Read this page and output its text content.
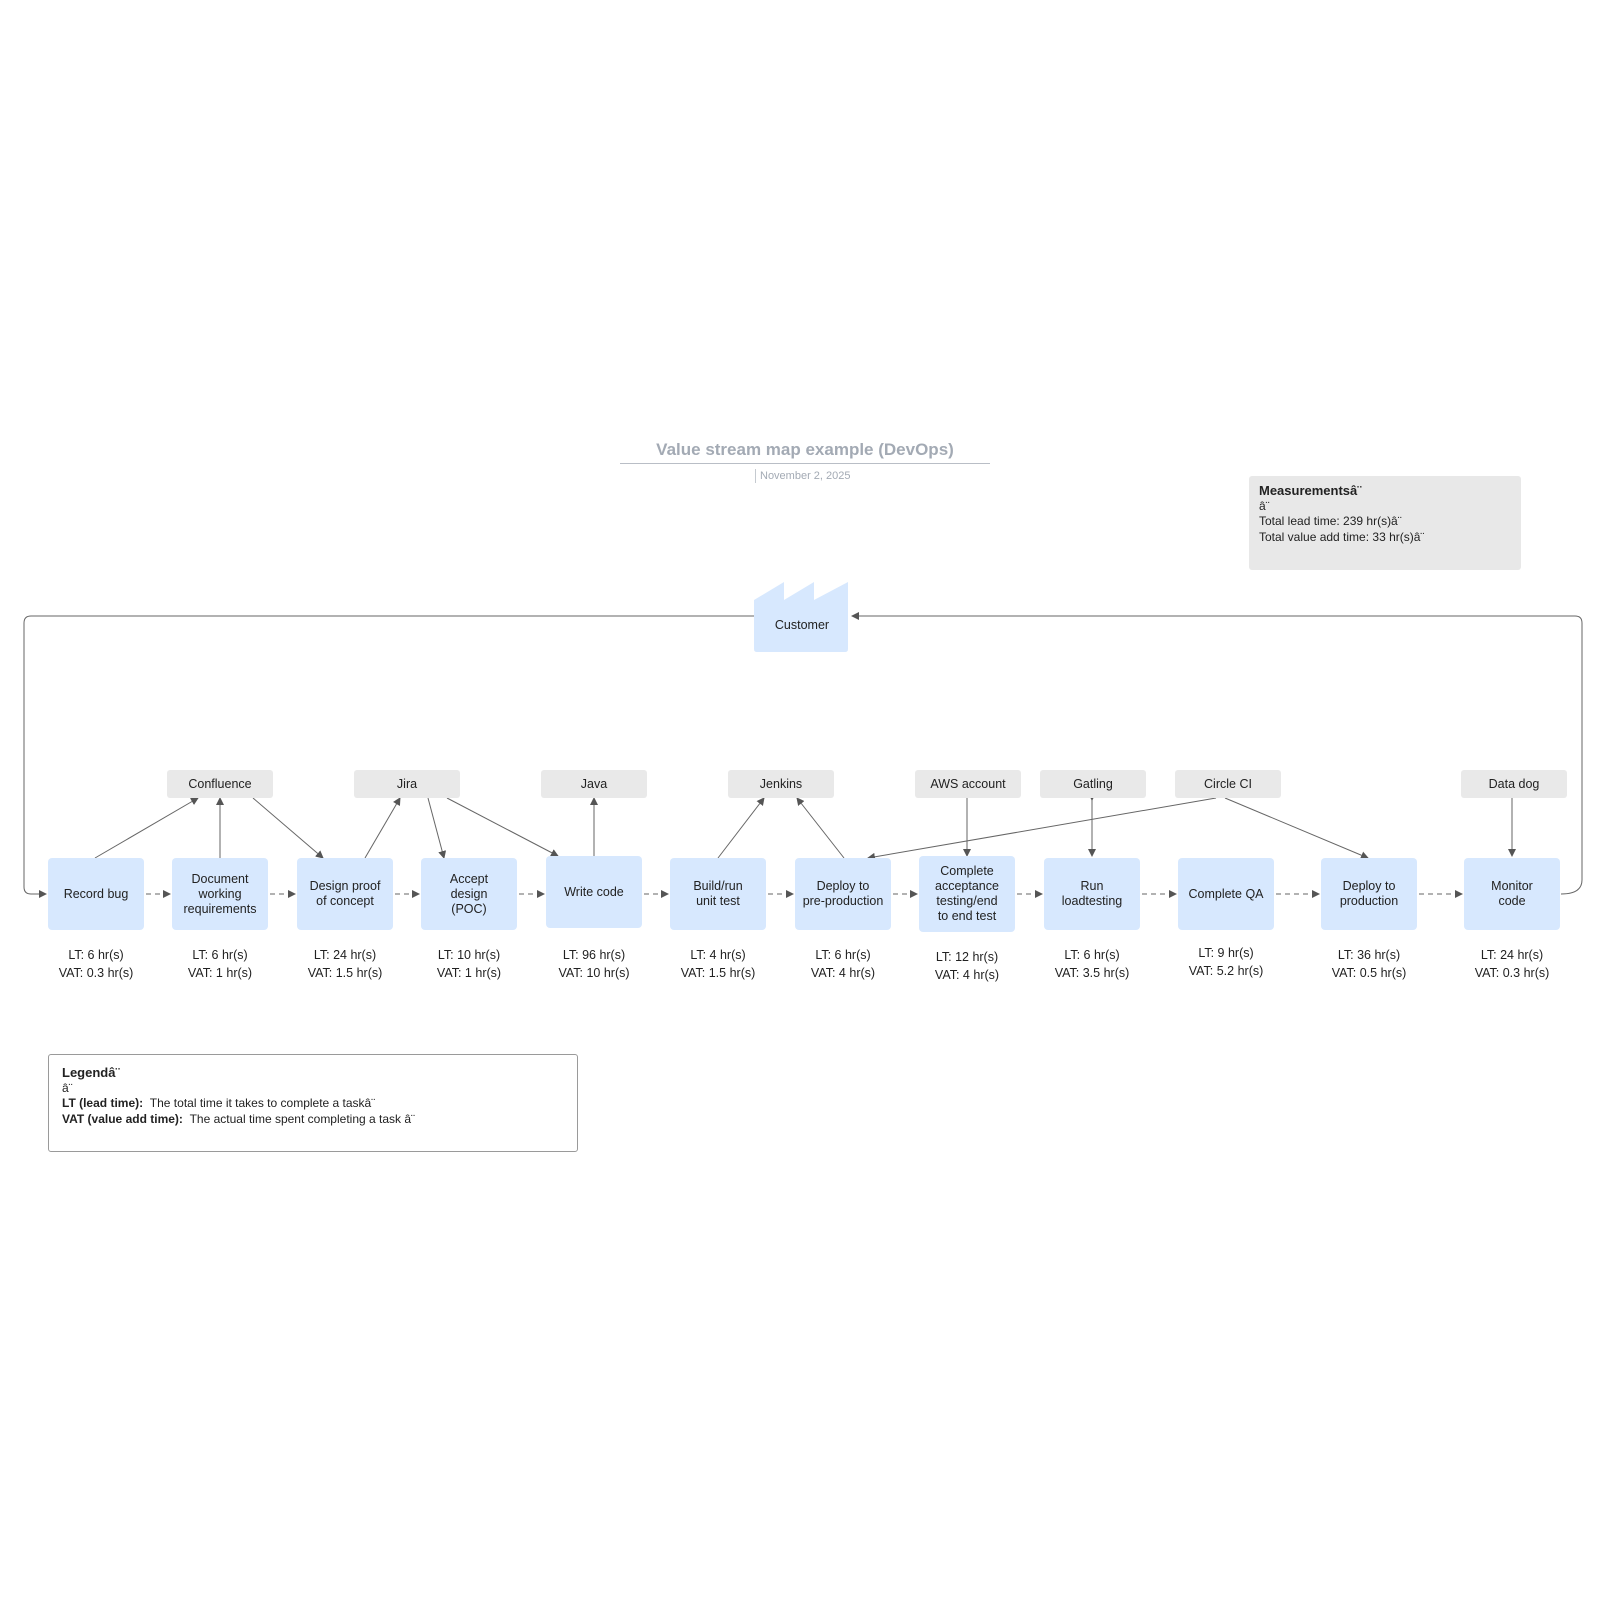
Value stream map example (DevOps)
November 2, 2025
Measurementsâ¨
â¨
Total lead time: 239 hr(s)â¨
Total value add time: 33 hr(s)â¨
Customer
Confluence	Jira	Java	Jenkins	AWS account	Gatling	Circle CI	Data dog
Record bug
LT: 6 hr(s)
VAT: 0.3 hr(s)
Document
working
requirements
LT: 6 hr(s)
VAT: 1 hr(s)
Design proof
of concept
LT: 24 hr(s)
VAT: 1.5 hr(s)
Accept
design
(POC)
LT: 10 hr(s)
VAT: 1 hr(s)
Write code
LT: 96 hr(s)
VAT: 10 hr(s)
Build/run
unit test
LT: 4 hr(s)
VAT: 1.5 hr(s)
Deploy to
pre-production
LT: 6 hr(s)
VAT: 4 hr(s)
Complete
acceptance
testing/end
to end test
LT: 12 hr(s)
VAT: 4 hr(s)
Run
loadtesting
LT: 6 hr(s)
VAT: 3.5 hr(s)
Complete QA
LT: 9 hr(s)
VAT: 5.2 hr(s)
Deploy to
production
LT: 36 hr(s)
VAT: 0.5 hr(s)
Monitor
code
LT: 24 hr(s)
VAT: 0.3 hr(s)
Legendâ¨
â¨
LT (lead time): The total time it takes to complete a taskâ¨
VAT (value add time): The actual time spent completing a task â¨
